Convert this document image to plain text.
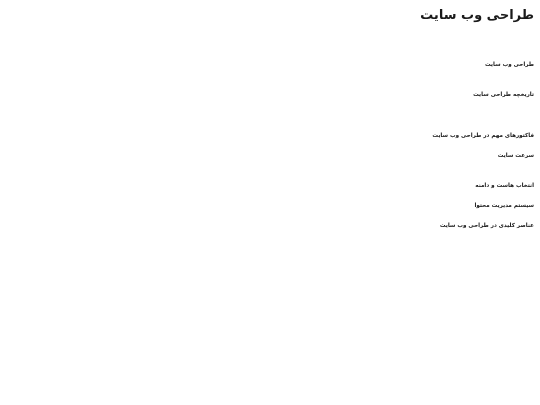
طراحی وب سایت

طراحی وب سایت

تاریخچه طراحی سایت

فاکتورهای مهم در طراحی وب سایت

سرعت سایت

انتخاب هاست و دامنه

سیستم مدیریت محتوا

عناصر کلیدی در طراحی وب سایت
